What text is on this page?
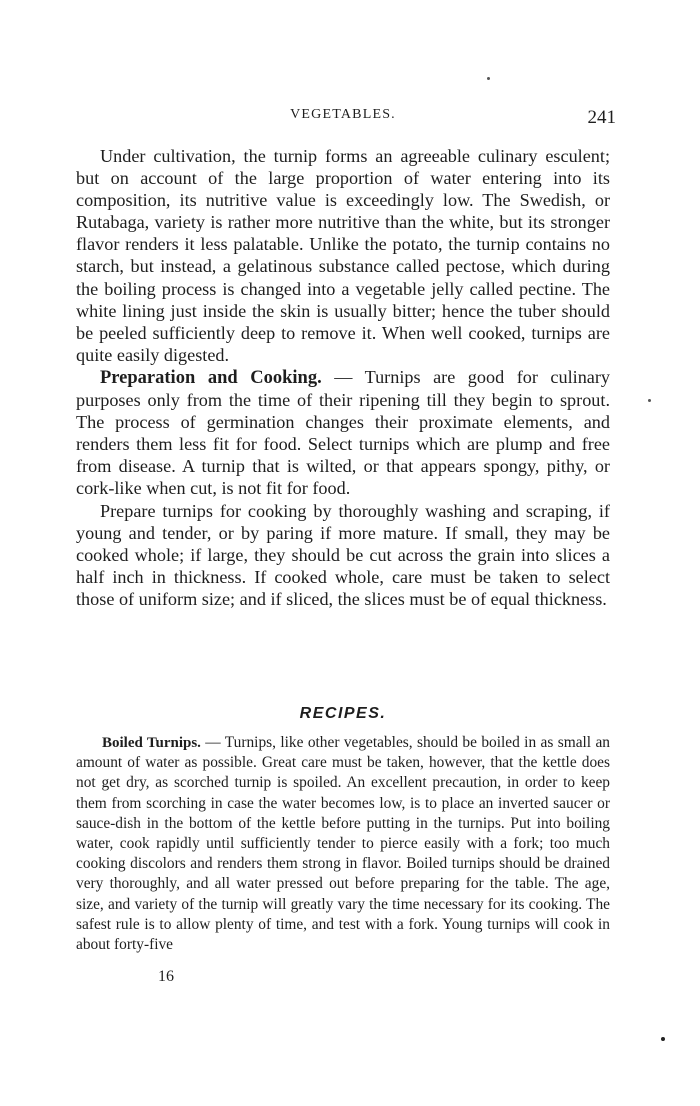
VEGETABLES.	241

Under cultivation, the turnip forms an agreeable culinary esculent; but on account of the large proportion of water entering into its composition, its nutritive value is exceedingly low. The Swedish, or Rutabaga, variety is rather more nutritive than the white, but its stronger flavor renders it less palatable. Unlike the potato, the turnip contains no starch, but instead, a gelatinous substance called pectose, which during the boiling process is changed into a vegetable jelly called pectine. The white lining just inside the skin is usually bitter; hence the tuber should be peeled sufficiently deep to remove it. When well cooked, turnips are quite easily digested.

Preparation and Cooking. — Turnips are good for culinary purposes only from the time of their ripening till they begin to sprout. The process of germination changes their proximate elements, and renders them less fit for food. Select turnips which are plump and free from disease. A turnip that is wilted, or that appears spongy, pithy, or cork-like when cut, is not fit for food.

Prepare turnips for cooking by thoroughly washing and scraping, if young and tender, or by paring if more mature. If small, they may be cooked whole; if large, they should be cut across the grain into slices a half inch in thickness. If cooked whole, care must be taken to select those of uniform size; and if sliced, the slices must be of equal thickness.

RECIPES.

Boiled Turnips. — Turnips, like other vegetables, should be boiled in as small an amount of water as possible. Great care must be taken, however, that the kettle does not get dry, as scorched turnip is spoiled. An excellent precaution, in order to keep them from scorching in case the water becomes low, is to place an inverted saucer or sauce-dish in the bottom of the kettle before putting in the turnips. Put into boiling water, cook rapidly until sufficiently tender to pierce easily with a fork; too much cooking discolors and renders them strong in flavor. Boiled turnips should be drained very thoroughly, and all water pressed out before preparing for the table. The age, size, and variety of the turnip will greatly vary the time necessary for its cooking. The safest rule is to allow plenty of time, and test with a fork. Young turnips will cook in about forty-five

16
